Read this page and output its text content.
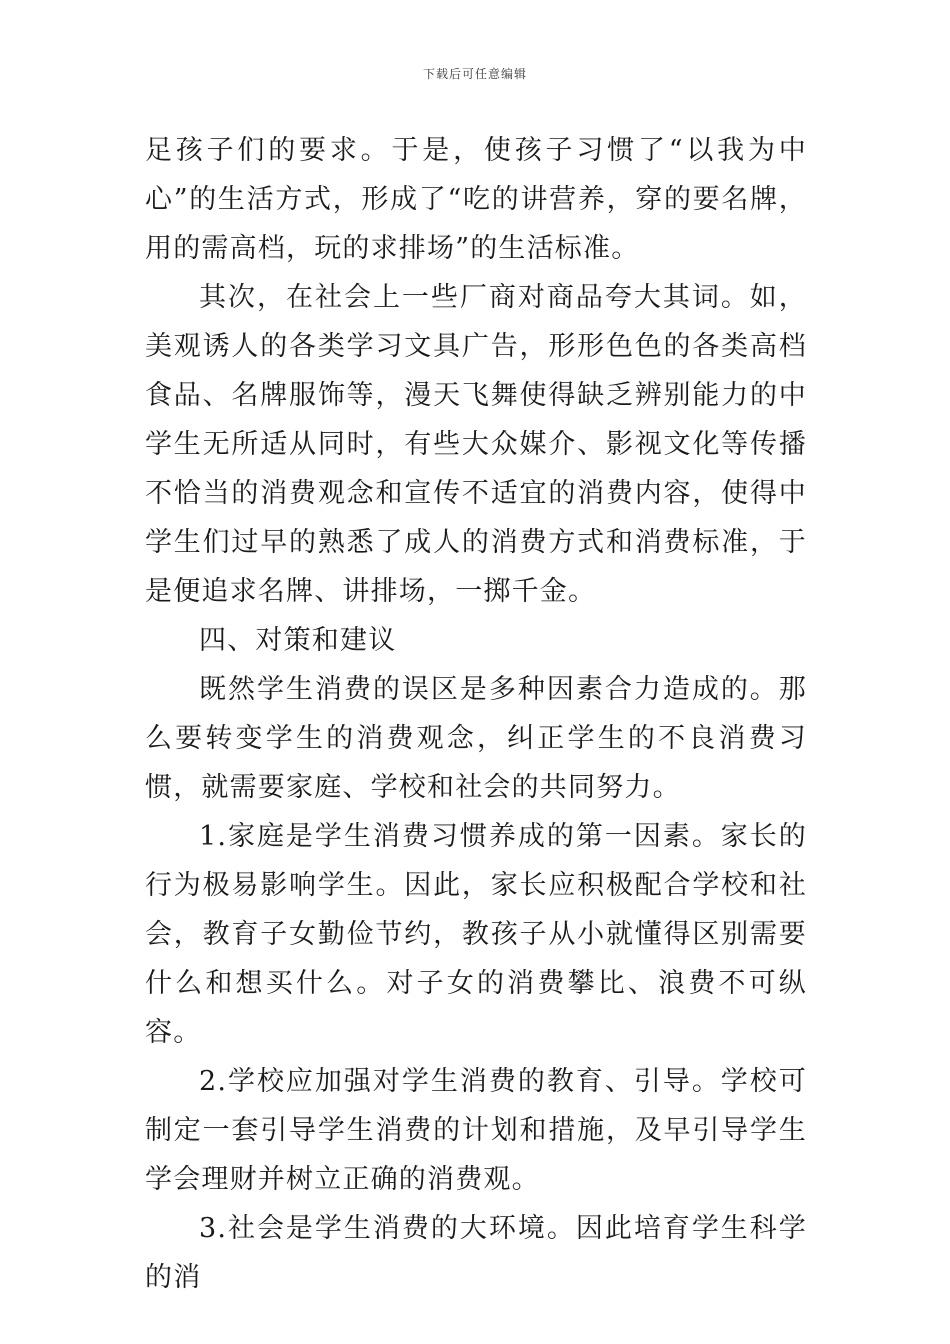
下载后可任意编辑

足孩子们的要求。于是，使孩子习惯了“以我为中心”的生活方式，形成了“吃的讲营养，穿的要名牌，用的需高档，玩的求排场”的生活标准。

其次，在社会上一些厂商对商品夸大其词。如，美观诱人的各类学习文具广告，形形色色的各类高档食品、名牌服饰等，漫天飞舞使得缺乏辨别能力的中学生无所适从同时，有些大众媒介、影视文化等传播不恰当的消费观念和宣传不适宜的消费内容，使得中学生们过早的熟悉了成人的消费方式和消费标准，于是便追求名牌、讲排场，一掷千金。

四、对策和建议

既然学生消费的误区是多种因素合力造成的。那么要转变学生的消费观念，纠正学生的不良消费习惯，就需要家庭、学校和社会的共同努力。

1.家庭是学生消费习惯养成的第一因素。家长的行为极易影响学生。因此，家长应积极配合学校和社会，教育子女勤俭节约，教孩子从小就懂得区别需要什么和想买什么。对子女的消费攀比、浪费不可纵容。

2.学校应加强对学生消费的教育、引导。学校可制定一套引导学生消费的计划和措施，及早引导学生学会理财并树立正确的消费观。

3.社会是学生消费的大环境。因此培育学生科学的消
